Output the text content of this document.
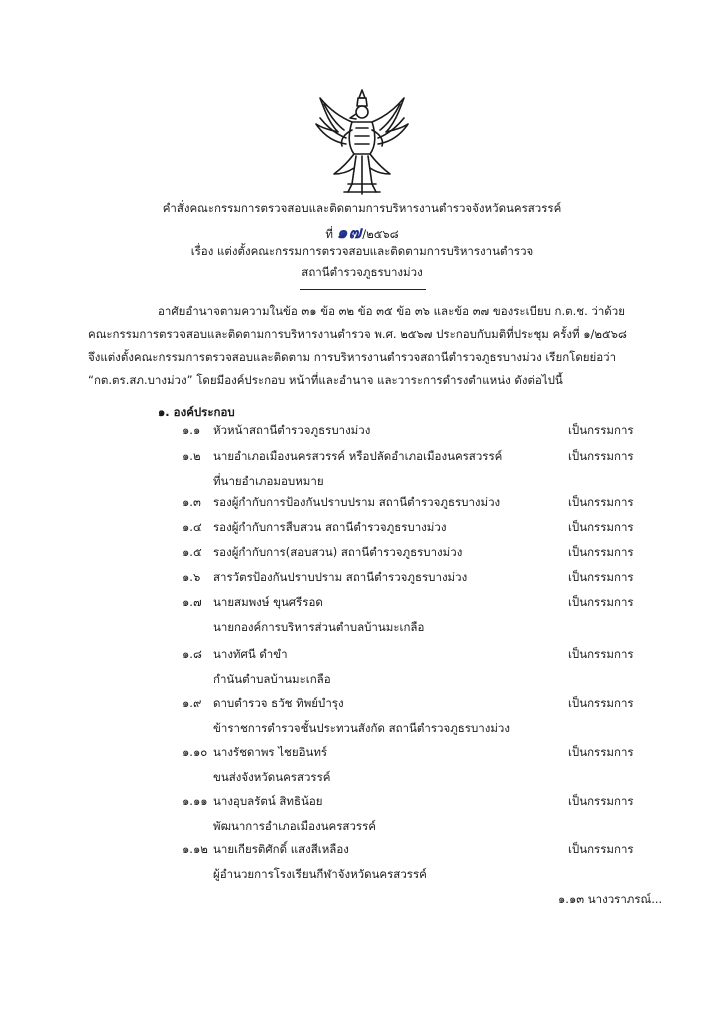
คำสั่งคณะกรรมการตรวจสอบและติดตามการบริหารงานตำรวจจังหวัดนครสวรรค์
ที่ ๑๗/๒๕๖๘
เรื่อง แต่งตั้งคณะกรรมการตรวจสอบและติดตามการบริหารงานตำรวจ
สถานีตำรวจภูธรบางม่วง
อาศัยอำนาจตามความในข้อ ๓๑ ข้อ ๓๒ ข้อ ๓๕ ข้อ ๓๖ และข้อ ๓๗ ของระเบียบ ก.ต.ช. ว่าด้วย
คณะกรรมการตรวจสอบและติดตามการบริหารงานตำรวจ พ.ศ. ๒๕๖๗ ประกอบกับมติที่ประชุม ครั้งที่ ๑/๒๕๖๘
จึงแต่งตั้งคณะกรรมการตรวจสอบและติดตาม การบริหารงานตำรวจสถานีตำรวจภูธรบางม่วง เรียกโดยย่อว่า
“กต.ตร.สภ.บางม่วง” โดยมีองค์ประกอบ หน้าที่และอำนาจ และวาระการดำรงตำแหน่ง ดังต่อไปนี้
๑. องค์ประกอบ
๑.๑ หัวหน้าสถานีตำรวจภูธรบางม่วง	เป็นกรรมการ
๑.๒ นายอำเภอเมืองนครสวรรค์ หรือปลัดอำเภอเมืองนครสวรรค์	เป็นกรรมการ
ที่นายอำเภอมอบหมาย
๑.๓ รองผู้กำกับการป้องกันปราบปราม สถานีตำรวจภูธรบางม่วง	เป็นกรรมการ
๑.๔ รองผู้กำกับการสืบสวน สถานีตำรวจภูธรบางม่วง	เป็นกรรมการ
๑.๕ รองผู้กำกับการ(สอบสวน) สถานีตำรวจภูธรบางม่วง	เป็นกรรมการ
๑.๖ สารวัตรป้องกันปราบปราม สถานีตำรวจภูธรบางม่วง	เป็นกรรมการ
๑.๗ นายสมพงษ์ ขุนศรีรอด	เป็นกรรมการ
นายกองค์การบริหารส่วนตำบลบ้านมะเกลือ
๑.๘ นางทัศนี ดำขำ	เป็นกรรมการ
กำนันตำบลบ้านมะเกลือ
๑.๙ ดาบตำรวจ ธวัช ทิพย์บำรุง	เป็นกรรมการ
ข้าราชการตำรวจชั้นประทวนสังกัด สถานีตำรวจภูธรบางม่วง
๑.๑๐ นางรัชดาพร ไชยอินทร์	เป็นกรรมการ
ขนส่งจังหวัดนครสวรรค์
๑.๑๑ นางอุบลรัตน์ สิทธิน้อย	เป็นกรรมการ
พัฒนาการอำเภอเมืองนครสวรรค์
๑.๑๒ นายเกียรติศักดิ์ แสงสีเหลือง	เป็นกรรมการ
ผู้อำนวยการโรงเรียนกีฬาจังหวัดนครสวรรค์
๑.๑๓ นางวราภรณ์...
